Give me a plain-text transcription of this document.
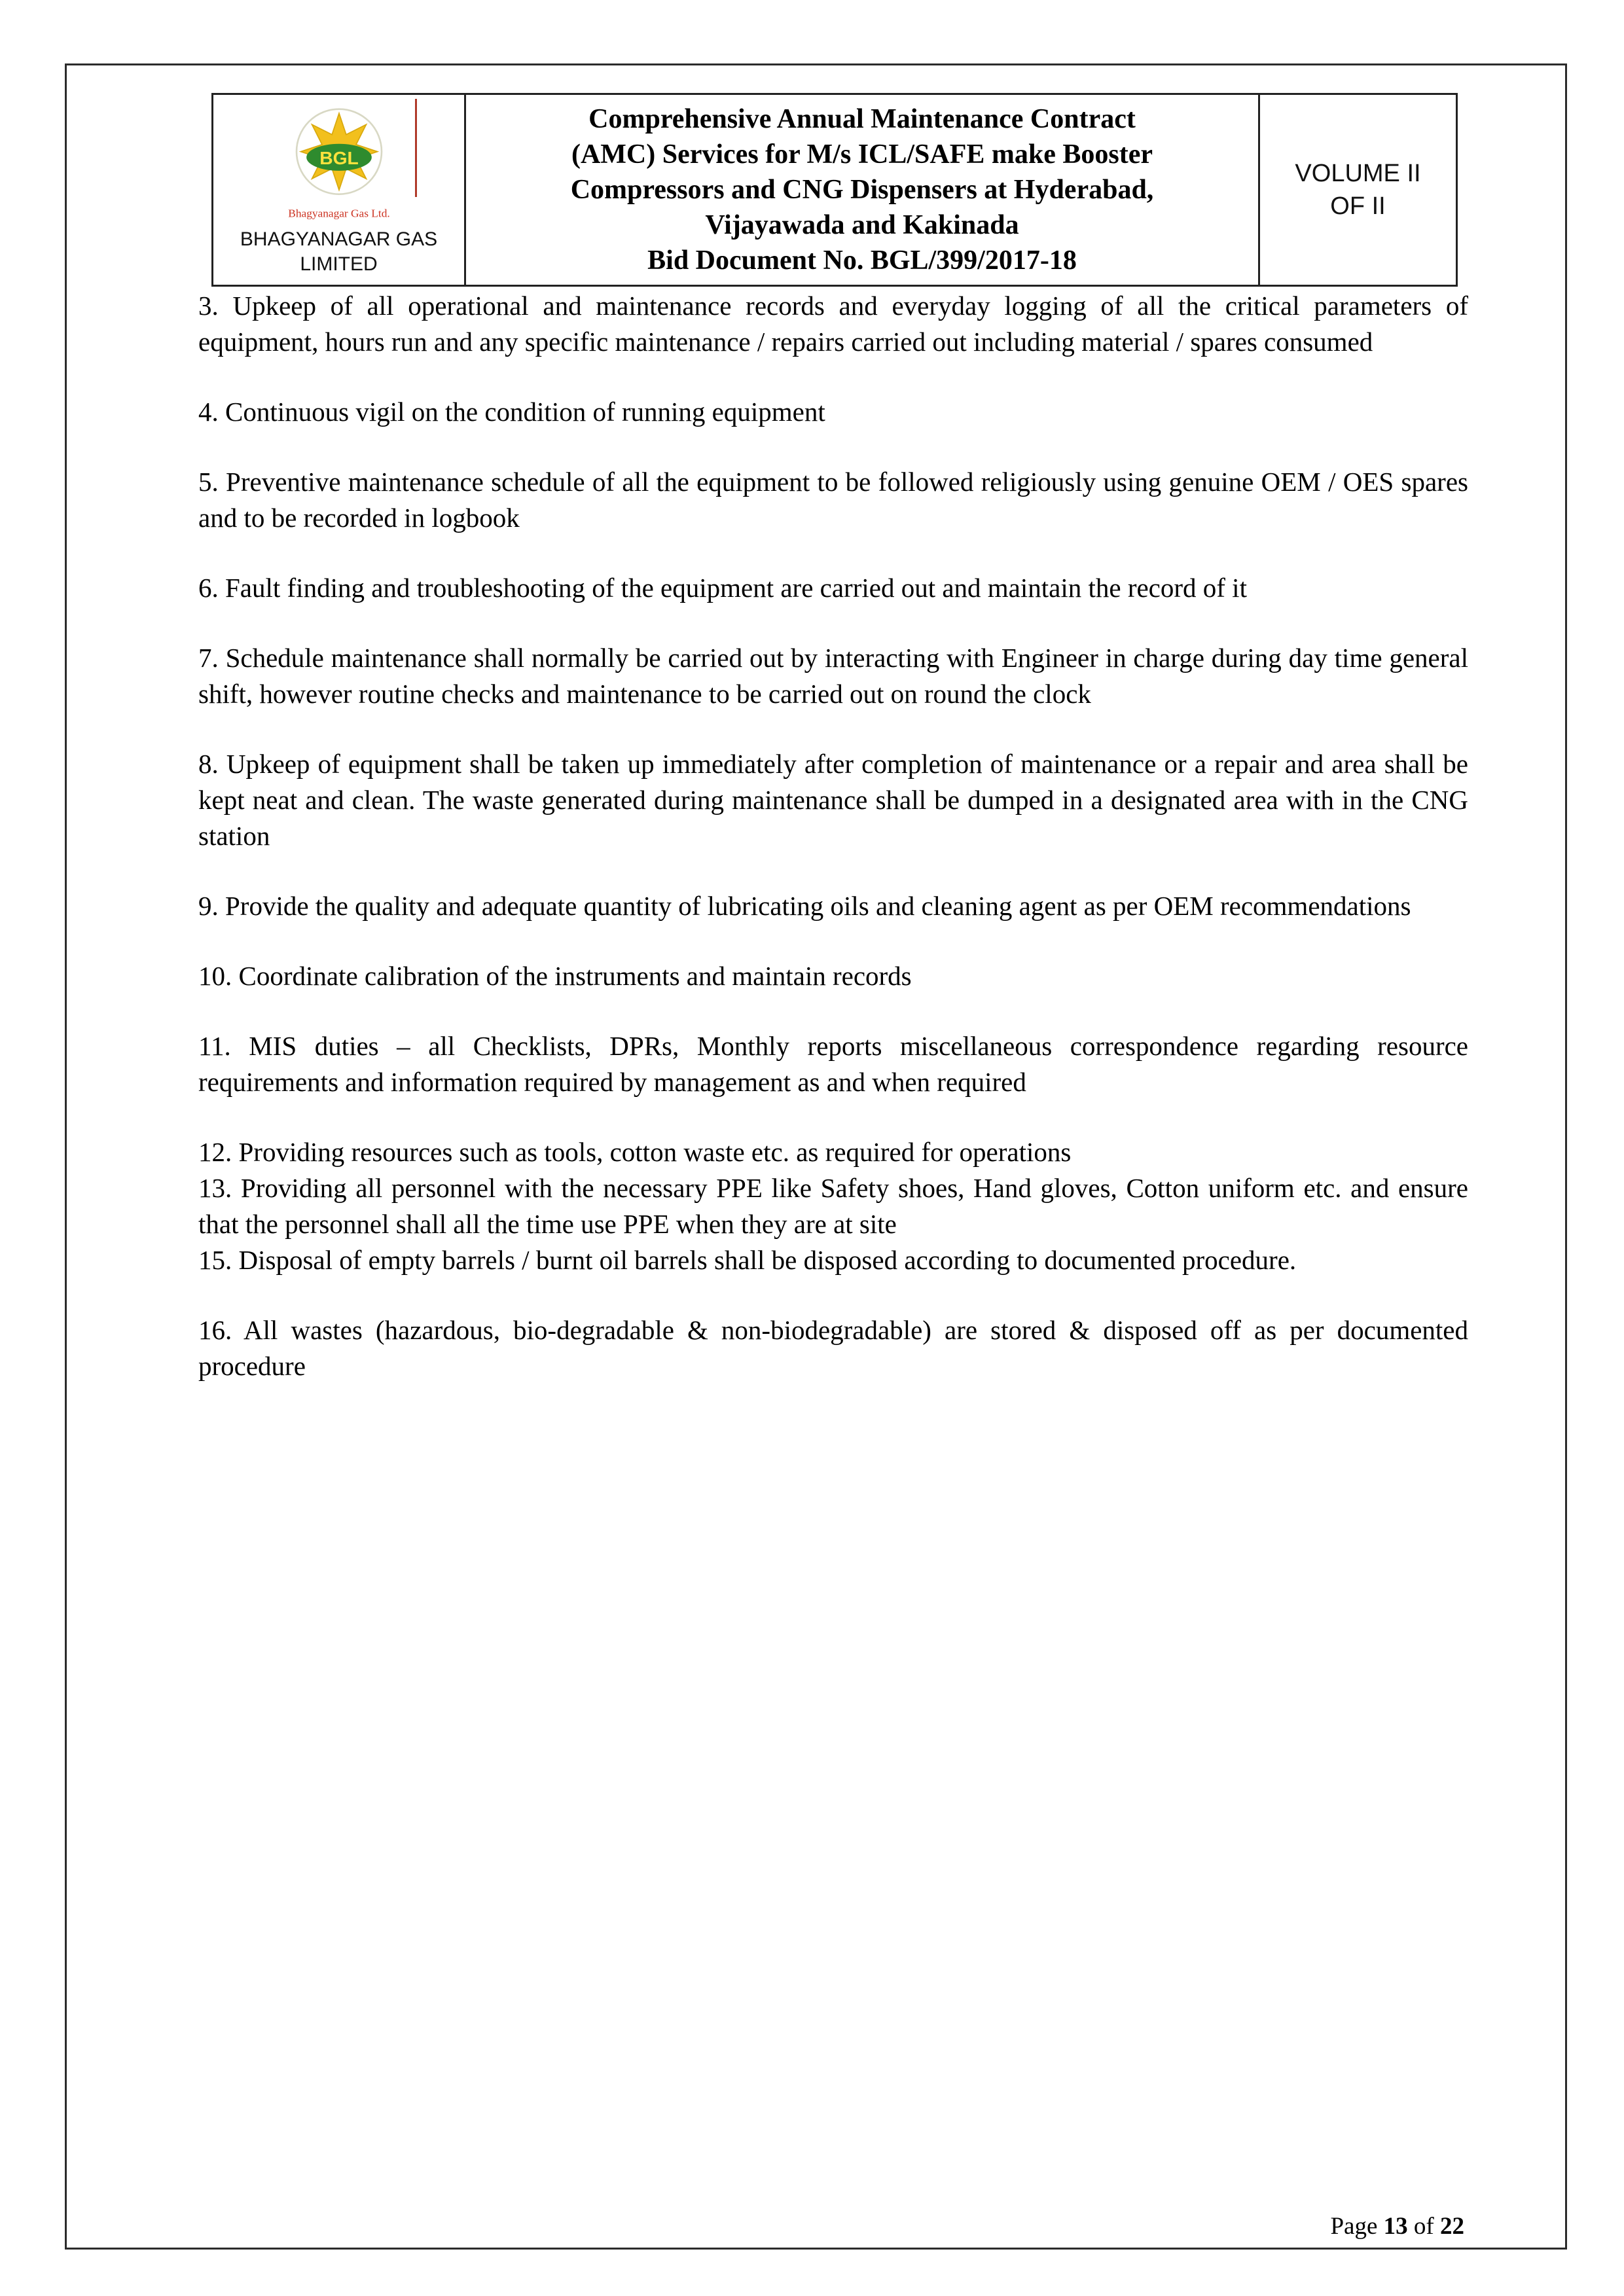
BGL
Bhagyanagar Gas Ltd.
BHAGYANAGAR GAS
LIMITED

Comprehensive Annual Maintenance Contract
(AMC) Services for M/s ICL/SAFE make Booster
Compressors and CNG Dispensers at Hyderabad,
Vijayawada and Kakinada
Bid Document No. BGL/399/2017-18

VOLUME II
OF II

3. Upkeep of all operational and maintenance records and everyday logging of all the critical parameters of equipment, hours run and any specific maintenance / repairs carried out including material / spares consumed

4. Continuous vigil on the condition of running equipment

5. Preventive maintenance schedule of all the equipment to be followed religiously using genuine OEM / OES spares and to be recorded in logbook

6. Fault finding and troubleshooting of the equipment are carried out and maintain the record of it

7. Schedule maintenance shall normally be carried out by interacting with Engineer in charge during day time general shift, however routine checks and maintenance to be carried out on round the clock

8. Upkeep of equipment shall be taken up immediately after completion of maintenance or a repair and area shall be kept neat and clean. The waste generated during maintenance shall be dumped in a designated area with in the CNG station

9. Provide the quality and adequate quantity of lubricating oils and cleaning agent as per OEM recommendations

10. Coordinate calibration of the instruments and maintain records

11. MIS duties – all Checklists, DPRs, Monthly reports miscellaneous correspondence regarding resource requirements and information required by management as and when required

12. Providing resources such as tools, cotton waste etc. as required for operations

13. Providing all personnel with the necessary PPE like Safety shoes, Hand gloves, Cotton uniform etc. and ensure that the personnel shall all the time use PPE when they are at site

15. Disposal of empty barrels / burnt oil barrels shall be disposed according to documented procedure.

16. All wastes (hazardous, bio-degradable & non-biodegradable) are stored & disposed off as per documented procedure

Page 13 of 22
